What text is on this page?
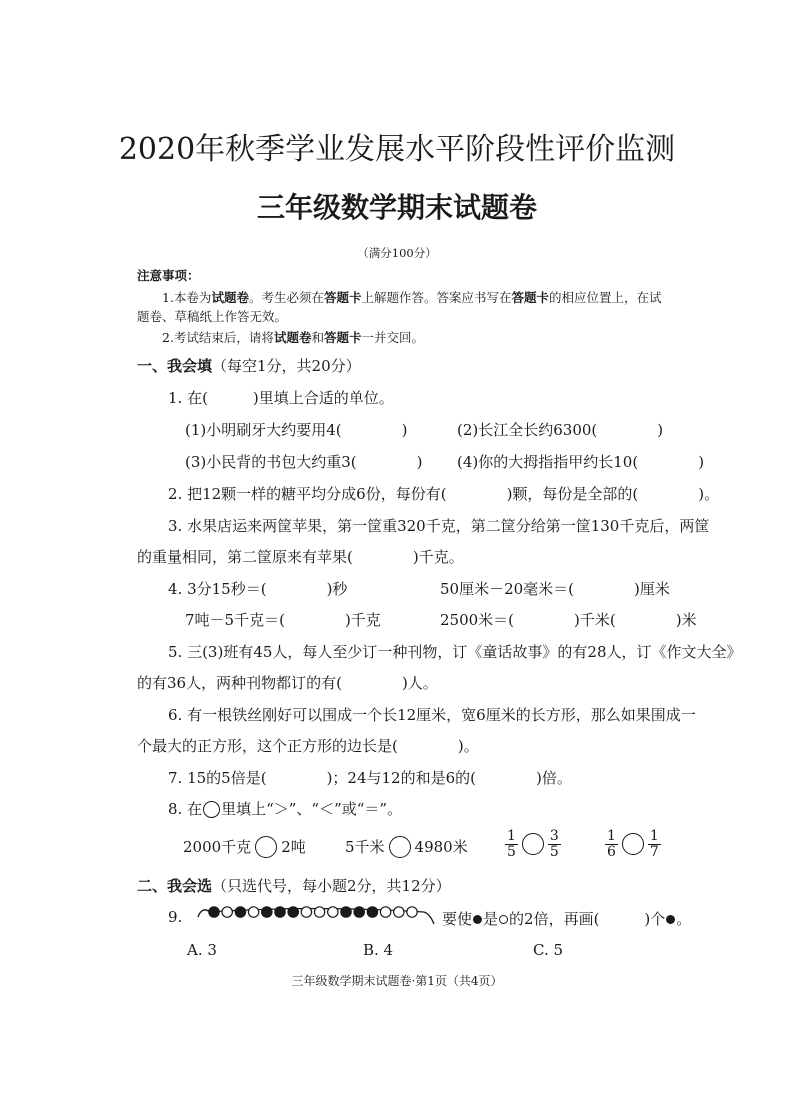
2020年秋季学业发展水平阶段性评价监测
三年级数学期末试题卷
（满分100分）
注意事项：
1.本卷为试题卷。考生必须在答题卡上解题作答。答案应书写在答题卡的相应位置上，在试
题卷、草稿纸上作答无效。
2.考试结束后，请将试题卷和答题卡一并交回。
一、我会填（每空1分，共20分）
1. 在(　　　)里填上合适的单位。
(1)小明刷牙大约要用4(　　　　)	(2)长江全长约6300(　　　　)
(3)小民背的书包大约重3(　　　　) (4)你的大拇指指甲约长10(　　　　)
2. 把12颗一样的糖平均分成6份，每份有(　　　　)颗，每份是全部的(　　　　)。
3. 水果店运来两筐苹果，第一筐重320千克，第二筐分给第一筐130千克后，两筐
的重量相同，第二筐原来有苹果(　　　　)千克。
4. 3分15秒＝(　　　　)秒	50厘米－20毫米＝(　　　　)厘米
7吨－5千克＝(　　　　)千克	2500米＝(　　　　)千米(　　　　)米
5. 三(3)班有45人，每人至少订一种刊物，订《童话故事》的有28人，订《作文大全》
的有36人，两种刊物都订的有(　　　　)人。
6. 有一根铁丝刚好可以围成一个长12厘米，宽6厘米的长方形，那么如果围成一
个最大的正方形，这个正方形的边长是(　　　　)。
7. 15的5倍是(　　　　)；24与12的和是6的(　　　　)倍。
8. 在 里填上“＞”、“＜”或“＝”。
2000千克 2吨	5千米 4980米	$\frac{1}{5} \frac{3}{5}$	$\frac{1}{6} \frac{1}{7}$
二、我会选（只选代号，每小题2分，共12分）
9.	要使 是 的2倍，再画(　　　)个 。
A. 3	B. 4	C. 5
三年级数学期末试题卷·第1页（共4页）
